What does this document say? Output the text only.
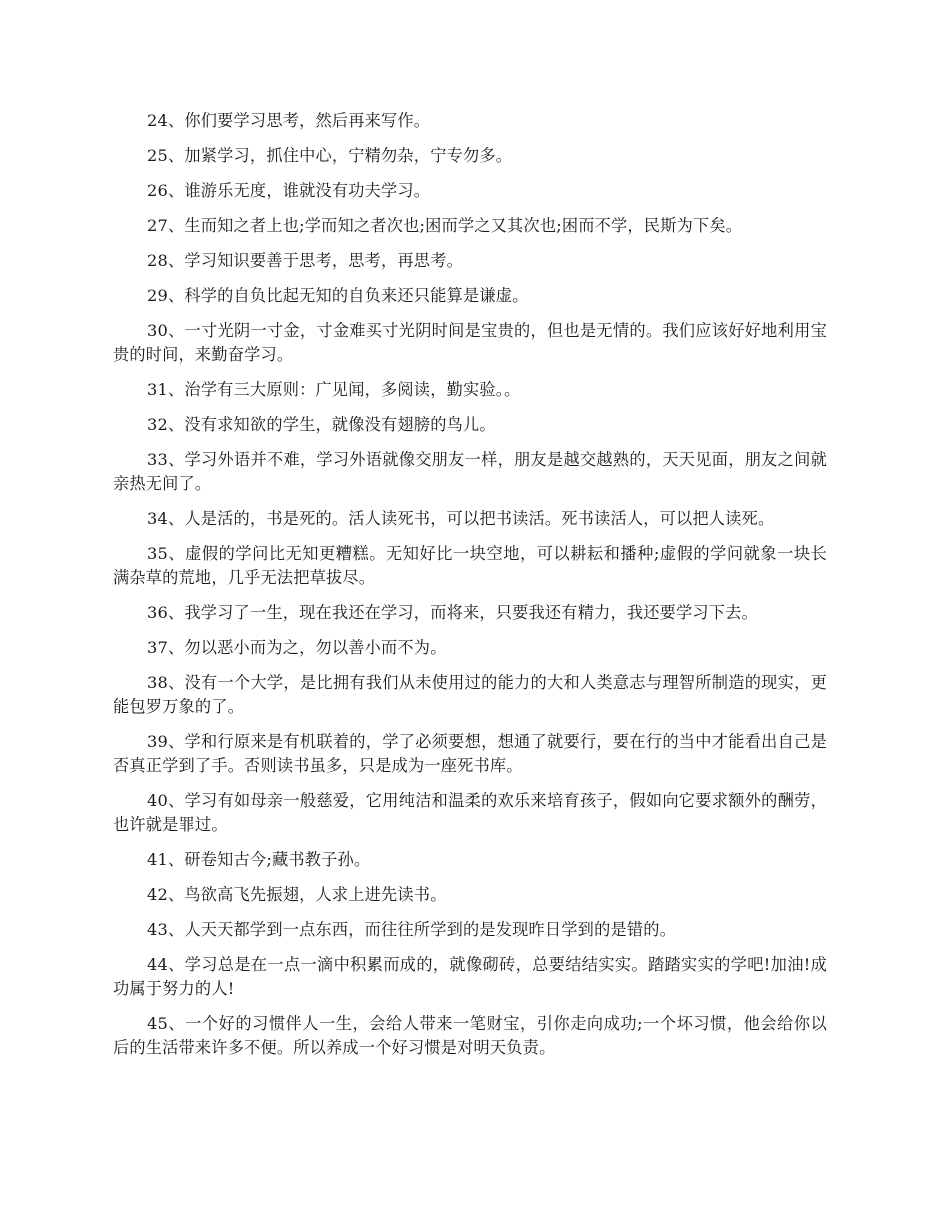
24、你们要学习思考，然后再来写作。

25、加紧学习，抓住中心，宁精勿杂，宁专勿多。

26、谁游乐无度，谁就没有功夫学习。

27、生而知之者上也;学而知之者次也;困而学之又其次也;困而不学，民斯为下矣。

28、学习知识要善于思考，思考，再思考。

29、科学的自负比起无知的自负来还只能算是谦虚。

30、一寸光阴一寸金，寸金难买寸光阴时间是宝贵的，但也是无情的。我们应该好好地利用宝贵的时间，来勤奋学习。

31、治学有三大原则：广见闻，多阅读，勤实验。。

32、没有求知欲的学生，就像没有翅膀的鸟儿。

33、学习外语并不难，学习外语就像交朋友一样，朋友是越交越熟的，天天见面，朋友之间就亲热无间了。

34、人是活的，书是死的。活人读死书，可以把书读活。死书读活人，可以把人读死。

35、虚假的学问比无知更糟糕。无知好比一块空地，可以耕耘和播种;虚假的学问就象一块长满杂草的荒地，几乎无法把草拔尽。

36、我学习了一生，现在我还在学习，而将来，只要我还有精力，我还要学习下去。

37、勿以恶小而为之，勿以善小而不为。

38、没有一个大学，是比拥有我们从未使用过的能力的大和人类意志与理智所制造的现实，更能包罗万象的了。

39、学和行原来是有机联着的，学了必须要想，想通了就要行，要在行的当中才能看出自己是否真正学到了手。否则读书虽多，只是成为一座死书库。

40、学习有如母亲一般慈爱，它用纯洁和温柔的欢乐来培育孩子，假如向它要求额外的酬劳，也许就是罪过。

41、研卷知古今;藏书教子孙。

42、鸟欲高飞先振翅，人求上进先读书。

43、人天天都学到一点东西，而往往所学到的是发现昨日学到的是错的。

44、学习总是在一点一滴中积累而成的，就像砌砖，总要结结实实。踏踏实实的学吧!加油!成功属于努力的人!

45、一个好的习惯伴人一生，会给人带来一笔财宝，引你走向成功;一个坏习惯，他会给你以后的生活带来许多不便。所以养成一个好习惯是对明天负责。
